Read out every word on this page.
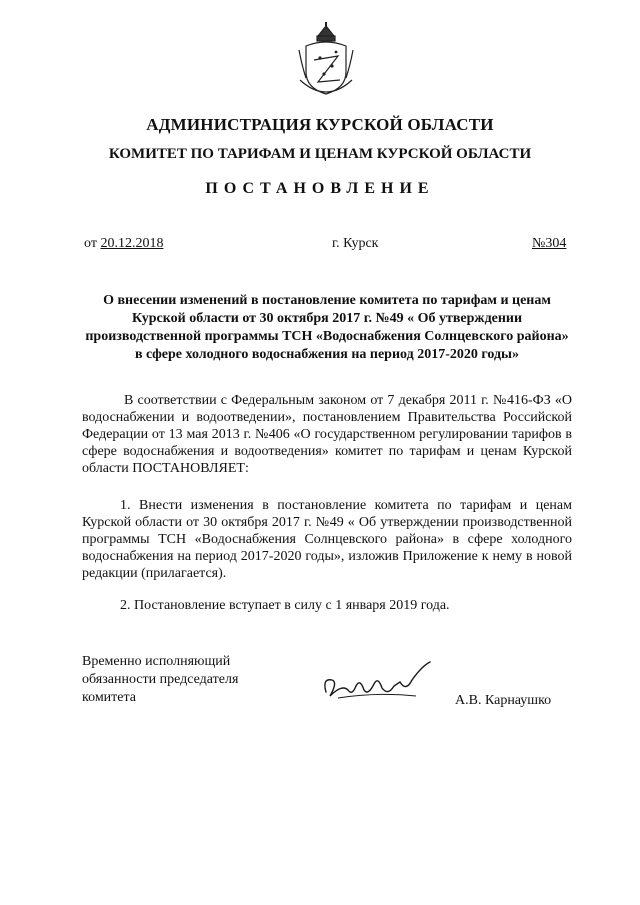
АДМИНИСТРАЦИЯ КУРСКОЙ ОБЛАСТИ
КОМИТЕТ ПО ТАРИФАМ И ЦЕНАМ КУРСКОЙ ОБЛАСТИ
ПОСТАНОВЛЕНИЕ
от 20.12.2018	г. Курск	№304
О внесении изменений в постановление комитета по тарифам и ценам Курской области от 30 октября 2017 г. №49 « Об утверждении производственной программы ТСН «Водоснабжения Солнцевского района» в сфере холодного водоснабжения на период 2017-2020 годы»
В соответствии с Федеральным законом от 7 декабря 2011 г. №416-ФЗ «О водоснабжении и водоотведении», постановлением Правительства Российской Федерации от 13 мая 2013 г. №406 «О государственном регулировании тарифов в сфере водоснабжения и водоотведения» комитет по тарифам и ценам Курской области ПОСТАНОВЛЯЕТ:
1. Внести изменения в постановление комитета по тарифам и ценам Курской области от 30 октября 2017 г. №49 « Об утверждении производственной программы ТСН «Водоснабжения Солнцевского района» в сфере холодного водоснабжения на период 2017-2020 годы», изложив Приложение к нему в новой редакции (прилагается).
2. Постановление вступает в силу с 1 января 2019 года.
Временно исполняющий
обязанности председателя
комитета	А.В. Карнаушко
